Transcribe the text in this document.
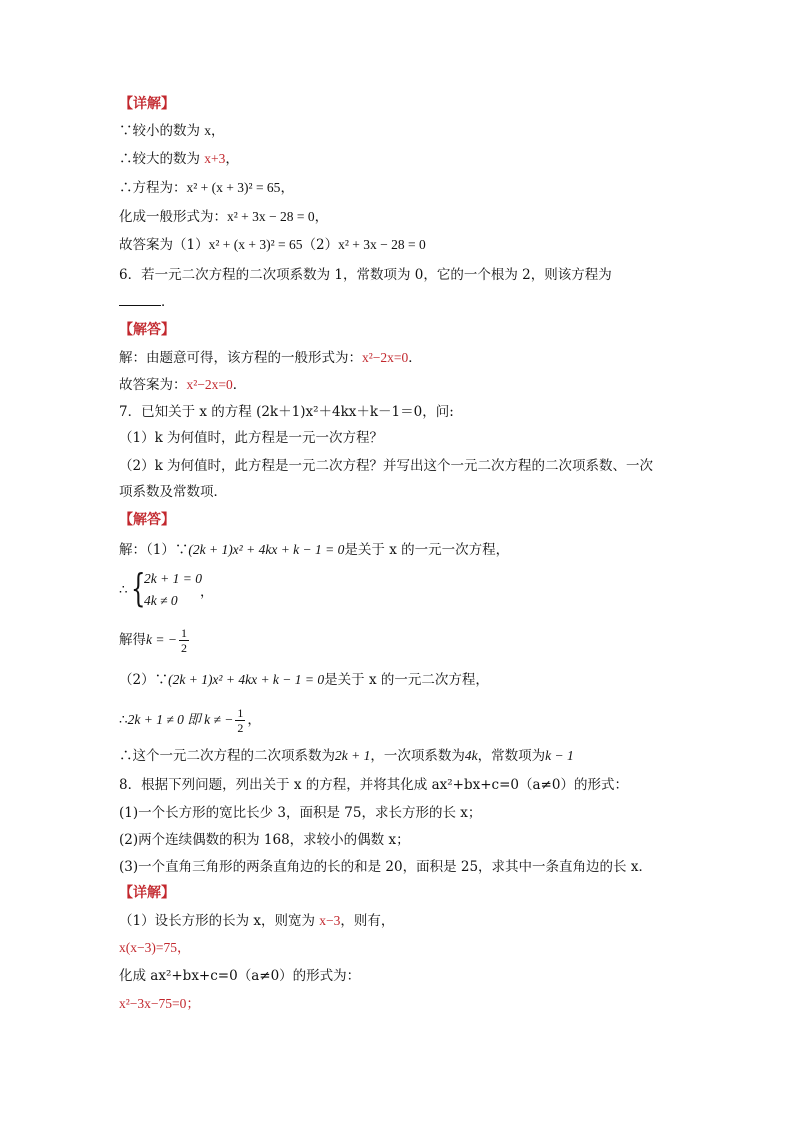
【详解】
∵较小的数为 x，
∴较大的数为 x+3，
∴方程为：x² + (x + 3)² = 65，
化成一般形式为：x² + 3x − 28 = 0，
故答案为（1）x² + (x + 3)² = 65（2）x² + 3x − 28 = 0
6．若一元二次方程的二次项系数为 1，常数项为 0，它的一个根为 2，则该方程为
．
【解答】
解：由题意可得，该方程的一般形式为：x²−2x=0．
故答案为：x²−2x=0．
7．已知关于 x 的方程 (2k＋1)x²＋4kx＋k－1＝0，问:
（1）k 为何值时，此方程是一元一次方程？
（2）k 为何值时，此方程是一元二次方程？并写出这个一元二次方程的二次项系数、一次
项系数及常数项．
【解答】
解：（1）∵(2k + 1)x² + 4kx + k − 1 = 0是关于 x 的一元一次方程，
∴ {
2k + 1 = 0
4k ≠ 0
，
解得k = − $\frac{1}{2}$
（2）∵(2k + 1)x² + 4kx + k − 1 = 0是关于 x 的一元二次方程，
∴2k + 1 ≠ 0 即 k ≠ − $\frac{1}{2}$ ，
∴这个一元二次方程的二次项系数为2k + 1，一次项系数为4k，常数项为k − 1
8．根据下列问题，列出关于 x 的方程，并将其化成 ax²+bx+c=0（a≠0）的形式：
(1)一个长方形的宽比长少 3，面积是 75，求长方形的长 x；
(2)两个连续偶数的积为 168，求较小的偶数 x；
(3)一个直角三角形的两条直角边的长的和是 20，面积是 25，求其中一条直角边的长 x．
【详解】
（1）设长方形的长为 x，则宽为 x−3，则有，
x(x−3)=75，
化成 ax²+bx+c=0（a≠0）的形式为：
x²−3x−75=0；
